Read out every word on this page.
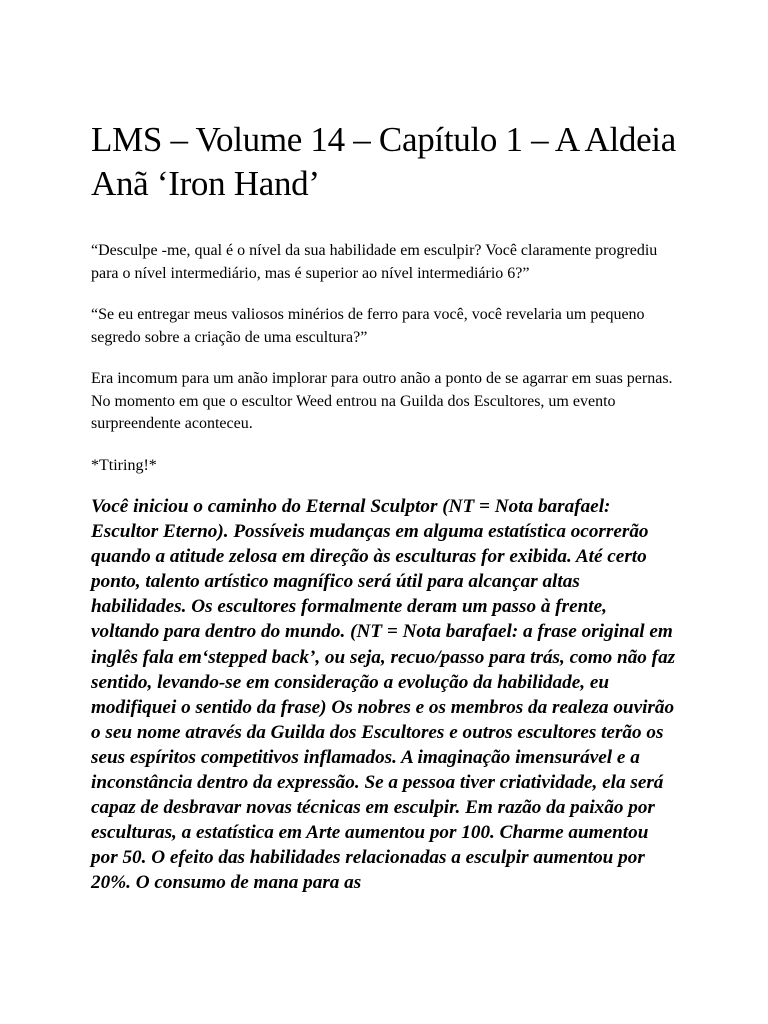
LMS – Volume 14 – Capítulo 1 – A Aldeia Anã ‘Iron Hand’

“Desculpe -me, qual é o nível da sua habilidade em esculpir? Você claramente progrediu para o nível intermediário, mas é superior ao nível intermediário 6?”

“Se eu entregar meus valiosos minérios de ferro para você, você revelaria um pequeno segredo sobre a criação de uma escultura?”

Era incomum para um anão implorar para outro anão a ponto de se agarrar em suas pernas. No momento em que o escultor Weed entrou na Guilda dos Escultores, um evento surpreendente aconteceu.

*Ttiring!*

Você iniciou o caminho do Eternal Sculptor (NT = Nota barafael: Escultor Eterno). Possíveis mudanças em alguma estatística ocorrerão quando a atitude zelosa em direção às esculturas for exibida. Até certo ponto, talento artístico magnífico será útil para alcançar altas habilidades. Os escultores formalmente deram um passo à frente, voltando para dentro do mundo. (NT = Nota barafael: a frase original em inglês fala em‘stepped back’, ou seja, recuo/passo para trás, como não faz sentido, levando-se em consideração a evolução da habilidade, eu modifiquei o sentido da frase) Os nobres e os membros da realeza ouvirão o seu nome através da Guilda dos Escultores e outros escultores terão os seus espíritos competitivos inflamados. A imaginação imensurável e a inconstância dentro da expressão. Se a pessoa tiver criatividade, ela será capaz de desbravar novas técnicas em esculpir. Em razão da paixão por esculturas, a estatística em Arte aumentou por 100. Charme aumentou por 50. O efeito das habilidades relacionadas a esculpir aumentou por 20%. O consumo de mana para as
